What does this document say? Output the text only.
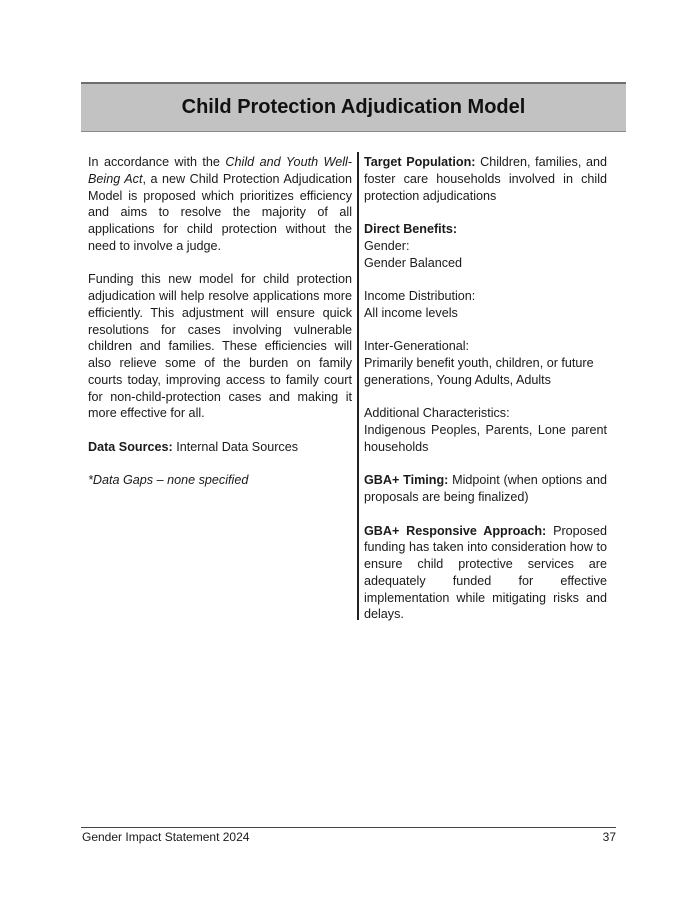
Child Protection Adjudication Model

In accordance with the Child and Youth Well-Being Act, a new Child Protection Adjudication Model is proposed which prioritizes efficiency and aims to resolve the majority of all applications for child protection without the need to involve a judge.

Funding this new model for child protection adjudication will help resolve applications more efficiently. This adjustment will ensure quick resolutions for cases involving vulnerable children and families. These efficiencies will also relieve some of the burden on family courts today, improving access to family court for non-child-protection cases and making it more effective for all.

Data Sources: Internal Data Sources

*Data Gaps – none specified

Target Population: Children, families, and foster care households involved in child protection adjudications

Direct Benefits:

Gender:

Gender Balanced

Income Distribution:

All income levels

Inter-Generational:

Primarily benefit youth, children, or future generations, Young Adults, Adults

Additional Characteristics:

Indigenous Peoples, Parents, Lone parent households

GBA+ Timing: Midpoint (when options and proposals are being finalized)

GBA+ Responsive Approach: Proposed funding has taken into consideration how to ensure child protective services are adequately funded for effective implementation while mitigating risks and delays.

Gender Impact Statement 2024	37
